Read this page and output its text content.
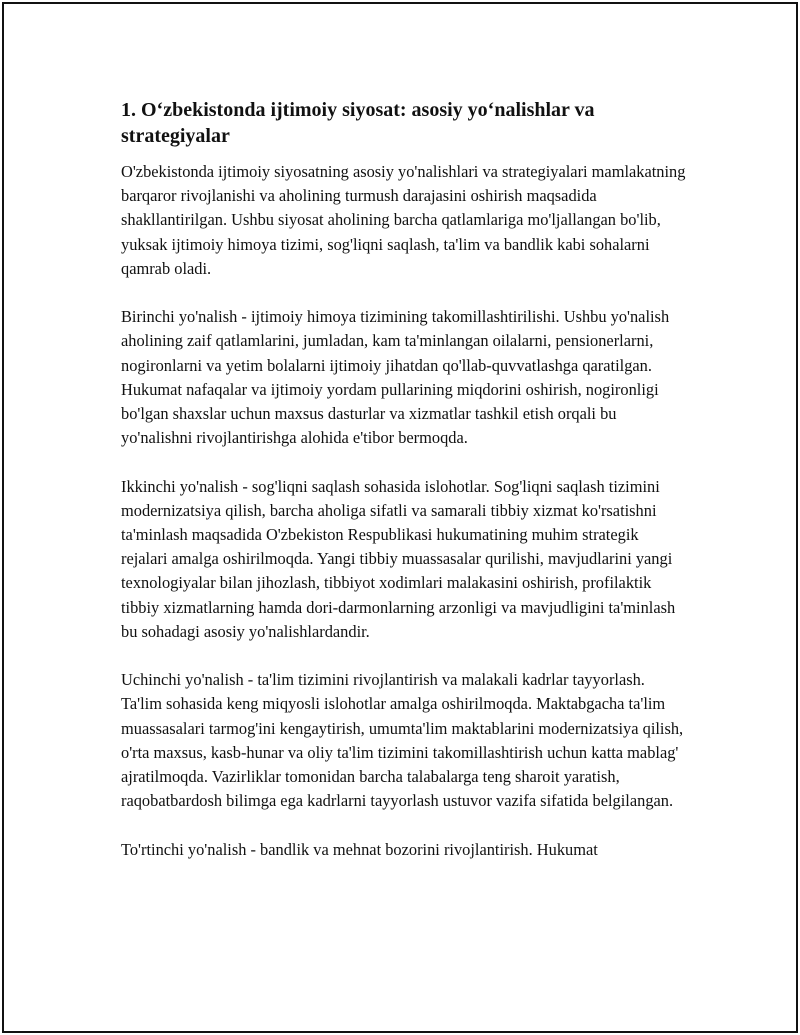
1. O‘zbekistonda ijtimoiy siyosat: asosiy yo‘nalishlar va strategiyalar

O'zbekistonda ijtimoiy siyosatning asosiy yo'nalishlari va strategiyalari mamlakatning barqaror rivojlanishi va aholining turmush darajasini oshirish maqsadida shakllantirilgan. Ushbu siyosat aholining barcha qatlamlariga mo'ljallangan bo'lib, yuksak ijtimoiy himoya tizimi, sog'liqni saqlash, ta'lim va bandlik kabi sohalarni qamrab oladi.

Birinchi yo'nalish - ijtimoiy himoya tizimining takomillashtirilishi. Ushbu yo'nalish aholining zaif qatlamlarini, jumladan, kam ta'minlangan oilalarni, pensionerlarni, nogironlarni va yetim bolalarni ijtimoiy jihatdan qo'llab-quvvatlashga qaratilgan. Hukumat nafaqalar va ijtimoiy yordam pullarining miqdorini oshirish, nogironligi bo'lgan shaxslar uchun maxsus dasturlar va xizmatlar tashkil etish orqali bu yo'nalishni rivojlantirishga alohida e'tibor bermoqda.

Ikkinchi yo'nalish - sog'liqni saqlash sohasida islohotlar. Sog'liqni saqlash tizimini modernizatsiya qilish, barcha aholiga sifatli va samarali tibbiy xizmat ko'rsatishni ta'minlash maqsadida O'zbekiston Respublikasi hukumatining muhim strategik rejalari amalga oshirilmoqda. Yangi tibbiy muassasalar qurilishi, mavjudlarini yangi texnologiyalar bilan jihozlash, tibbiyot xodimlari malakasini oshirish, profilaktik tibbiy xizmatlarning hamda dori-darmonlarning arzonligi va mavjudligini ta'minlash bu sohadagi asosiy yo'nalishlardandir.

Uchinchi yo'nalish - ta'lim tizimini rivojlantirish va malakali kadrlar tayyorlash. Ta'lim sohasida keng miqyosli islohotlar amalga oshirilmoqda. Maktabgacha ta'lim muassasalari tarmog'ini kengaytirish, umumta'lim maktablarini modernizatsiya qilish, o'rta maxsus, kasb-hunar va oliy ta'lim tizimini takomillashtirish uchun katta mablag' ajratilmoqda. Vazirliklar tomonidan barcha talabalarga teng sharoit yaratish, raqobatbardosh bilimga ega kadrlarni tayyorlash ustuvor vazifa sifatida belgilangan.

To'rtinchi yo'nalish - bandlik va mehnat bozorini rivojlantirish. Hukumat
